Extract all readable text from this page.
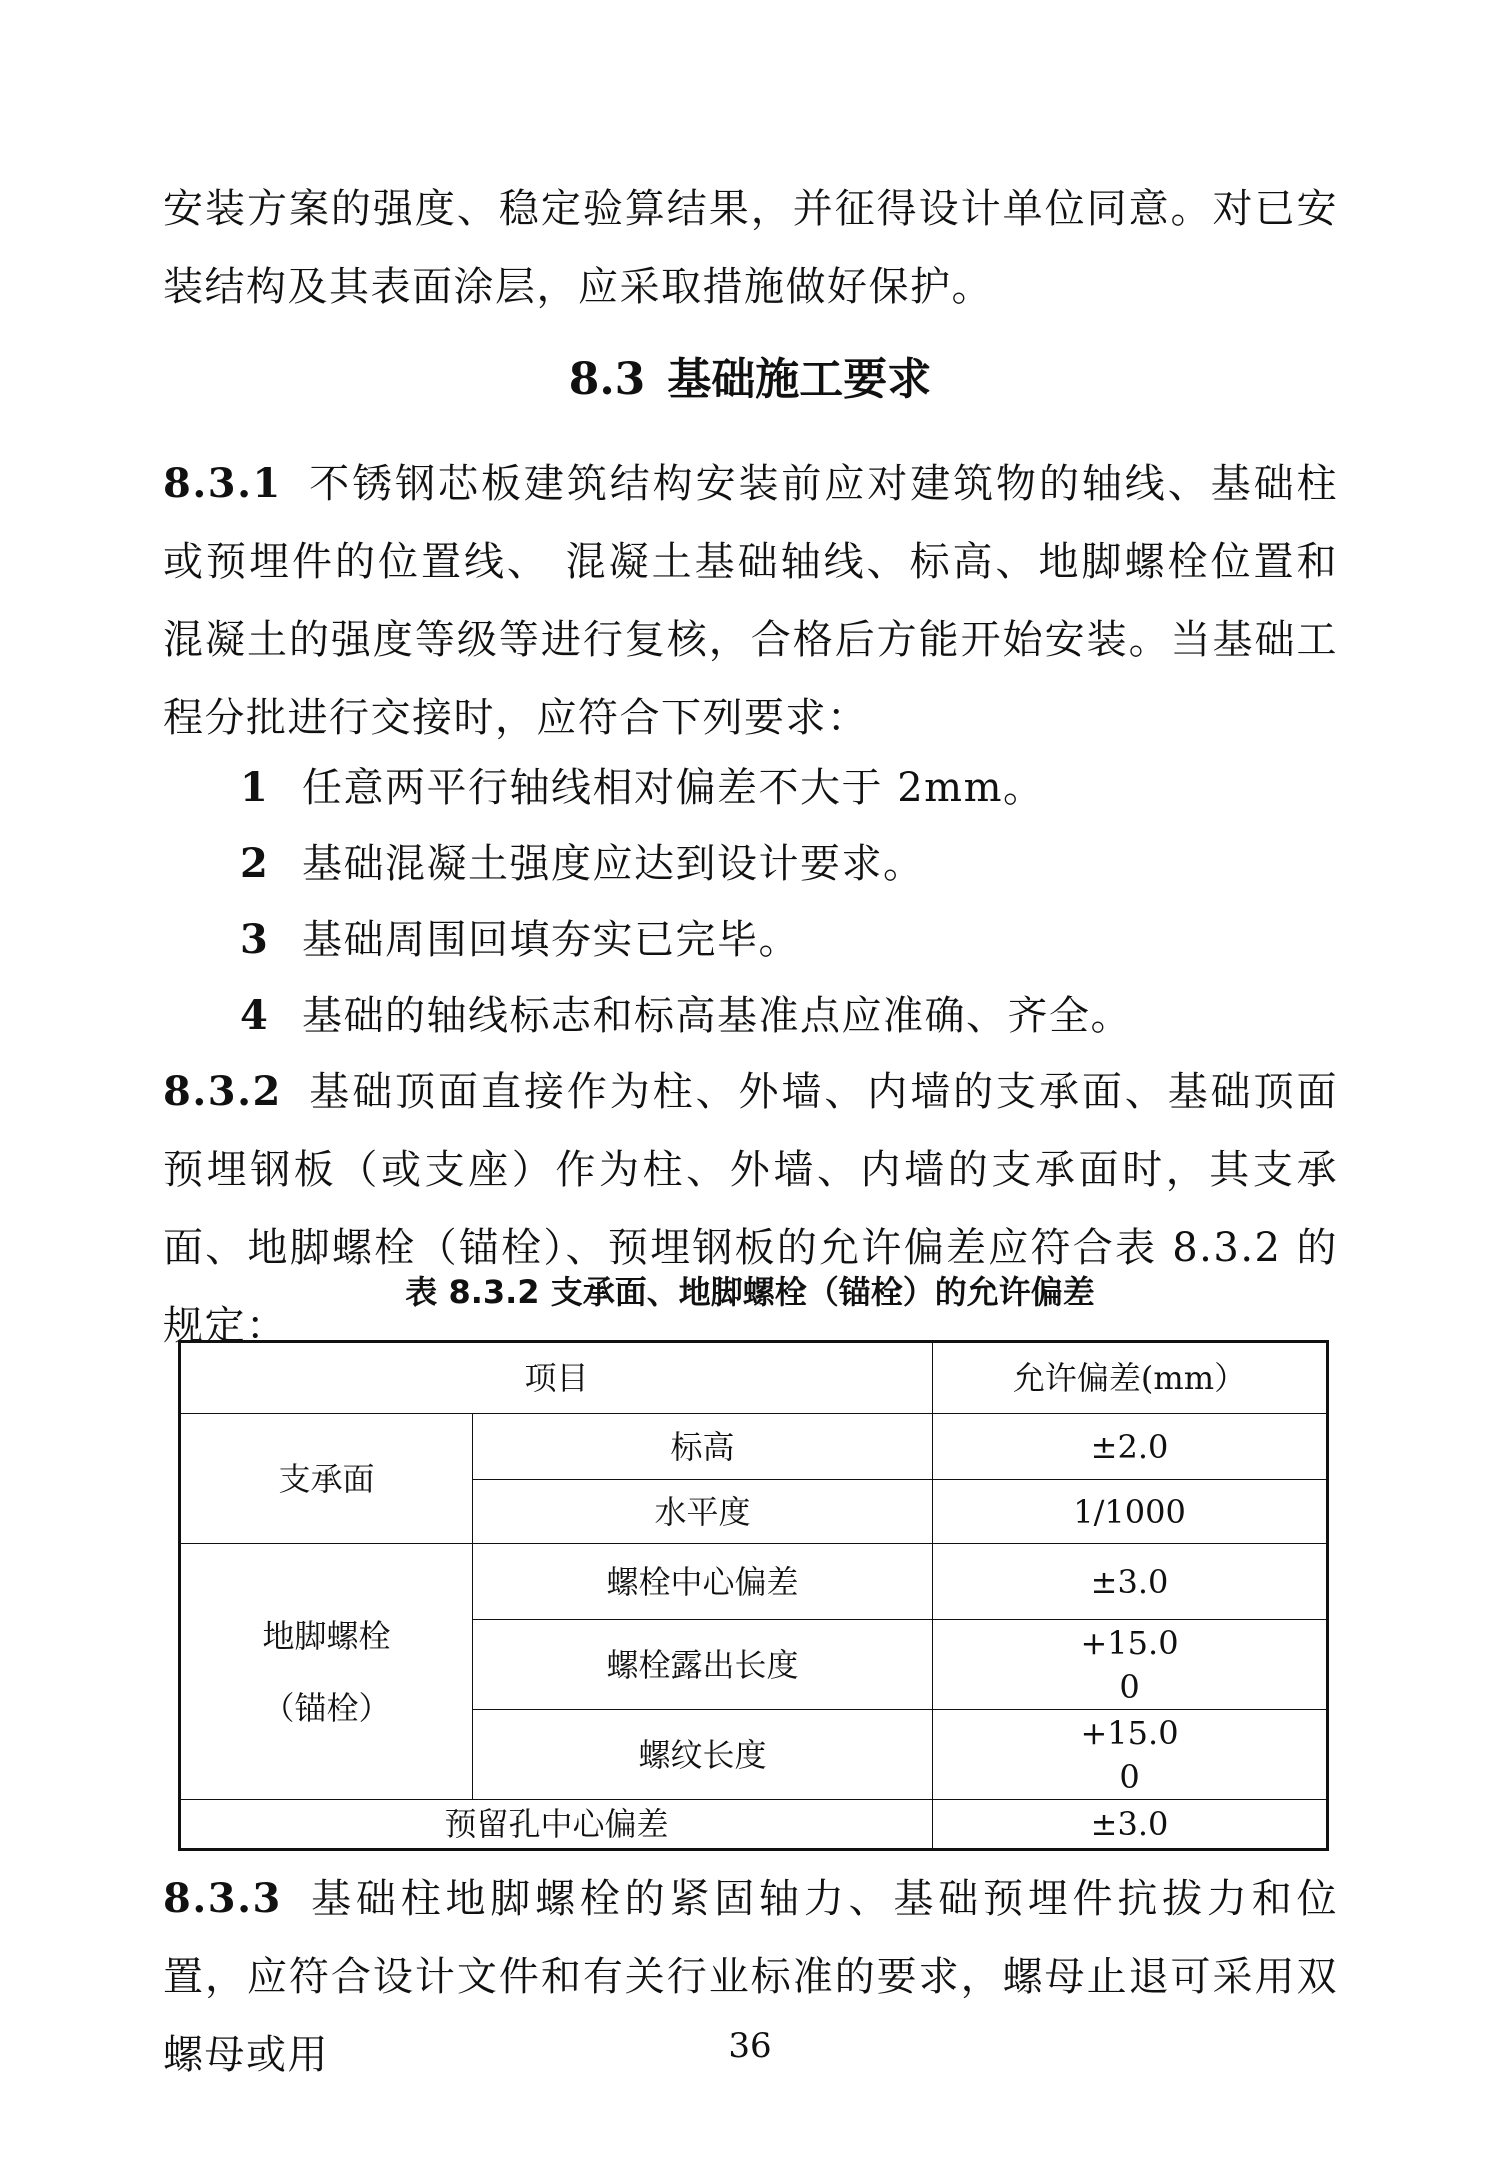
安装方案的强度、稳定验算结果，并征得设计单位同意。对已安装结构及其表面涂层，应采取措施做好保护。

8.3 基础施工要求

8.3.1 不锈钢芯板建筑结构安装前应对建筑物的轴线、基础柱或预埋件的位置线、 混凝土基础轴线、标高、地脚螺栓位置和混凝土的强度等级等进行复核，合格后方能开始安装。当基础工程分批进行交接时，应符合下列要求：

1 任意两平行轴线相对偏差不大于 2mm。

2 基础混凝土强度应达到设计要求。

3 基础周围回填夯实已完毕。

4 基础的轴线标志和标高基准点应准确、齐全。

8.3.2 基础顶面直接作为柱、外墙、内墙的支承面、基础顶面预埋钢板（或支座）作为柱、外墙、内墙的支承面时，其支承面、地脚螺栓（锚栓）、预埋钢板的允许偏差应符合表 8.3.2 的规定：

表 8.3.2 支承面、地脚螺栓（锚栓）的允许偏差
项目		允许偏差(mm）
支承面	标高	±2.0
	水平度	1/1000

地脚螺栓
（锚栓）	螺栓中心偏差	±3.0
	螺栓露出长度	+15.0
0

	螺纹长度	+15.0
0

预留孔中心偏差		±3.0

8.3.3 基础柱地脚螺栓的紧固轴力、基础预埋件抗拔力和位置，应符合设计文件和有关行业标准的要求，螺母止退可采用双螺母或用	36
